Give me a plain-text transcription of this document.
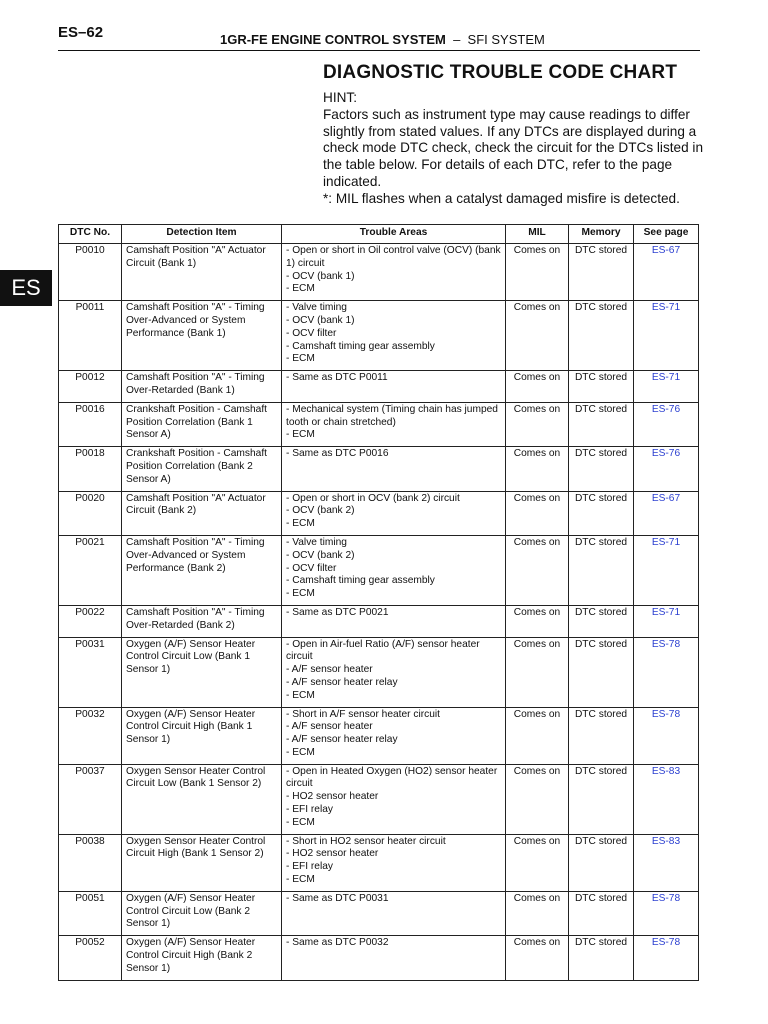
ES–62	1GR-FE ENGINE CONTROL SYSTEM – SFI SYSTEM
ES
DIAGNOSTIC TROUBLE CODE CHART

HINT:

Factors such as instrument type may cause readings to differ slightly from stated values. If any DTCs are displayed during a check mode DTC check, check the circuit for the DTCs listed in the table below. For details of each DTC, refer to the page indicated.

*: MIL flashes when a catalyst damaged misfire is detected.

DTC No.	Detection Item	Trouble Areas	MIL	Memory	See page
P0010	Camshaft Position "A" Actuator Circuit (Bank 1)	- Open or short in Oil control valve (OCV) (bank 1) circuit
- OCV (bank 1)
- ECM	Comes on	DTC stored	ES-67
P0011	Camshaft Position "A" - Timing Over-Advanced or System Performance (Bank 1)	- Valve timing
- OCV (bank 1)
- OCV filter
- Camshaft timing gear assembly
- ECM	Comes on	DTC stored	ES-71
P0012	Camshaft Position "A" - Timing Over-Retarded (Bank 1)	- Same as DTC P0011	Comes on	DTC stored	ES-71
P0016	Crankshaft Position - Camshaft Position Correlation (Bank 1 Sensor A)	- Mechanical system (Timing chain has jumped tooth or chain stretched)
- ECM	Comes on	DTC stored	ES-76
P0018	Crankshaft Position - Camshaft Position Correlation (Bank 2 Sensor A)	- Same as DTC P0016	Comes on	DTC stored	ES-76
P0020	Camshaft Position "A" Actuator Circuit (Bank 2)	- Open or short in OCV (bank 2) circuit
- OCV (bank 2)
- ECM	Comes on	DTC stored	ES-67
P0021	Camshaft Position "A" - Timing Over-Advanced or System Performance (Bank 2)	- Valve timing
- OCV (bank 2)
- OCV filter
- Camshaft timing gear assembly
- ECM	Comes on	DTC stored	ES-71
P0022	Camshaft Position "A" - Timing Over-Retarded (Bank 2)	- Same as DTC P0021	Comes on	DTC stored	ES-71
P0031	Oxygen (A/F) Sensor Heater Control Circuit Low (Bank 1 Sensor 1)	- Open in Air-fuel Ratio (A/F) sensor heater circuit
- A/F sensor heater
- A/F sensor heater relay
- ECM	Comes on	DTC stored	ES-78
P0032	Oxygen (A/F) Sensor Heater Control Circuit High (Bank 1 Sensor 1)	- Short in A/F sensor heater circuit
- A/F sensor heater
- A/F sensor heater relay
- ECM	Comes on	DTC stored	ES-78
P0037	Oxygen Sensor Heater Control Circuit Low (Bank 1 Sensor 2)	- Open in Heated Oxygen (HO2) sensor heater circuit
- HO2 sensor heater
- EFI relay
- ECM	Comes on	DTC stored	ES-83
P0038	Oxygen Sensor Heater Control Circuit High (Bank 1 Sensor 2)	- Short in HO2 sensor heater circuit
- HO2 sensor heater
- EFI relay
- ECM	Comes on	DTC stored	ES-83
P0051	Oxygen (A/F) Sensor Heater Control Circuit Low (Bank 2 Sensor 1)	- Same as DTC P0031	Comes on	DTC stored	ES-78
P0052	Oxygen (A/F) Sensor Heater Control Circuit High (Bank 2 Sensor 1)	- Same as DTC P0032	Comes on	DTC stored	ES-78
